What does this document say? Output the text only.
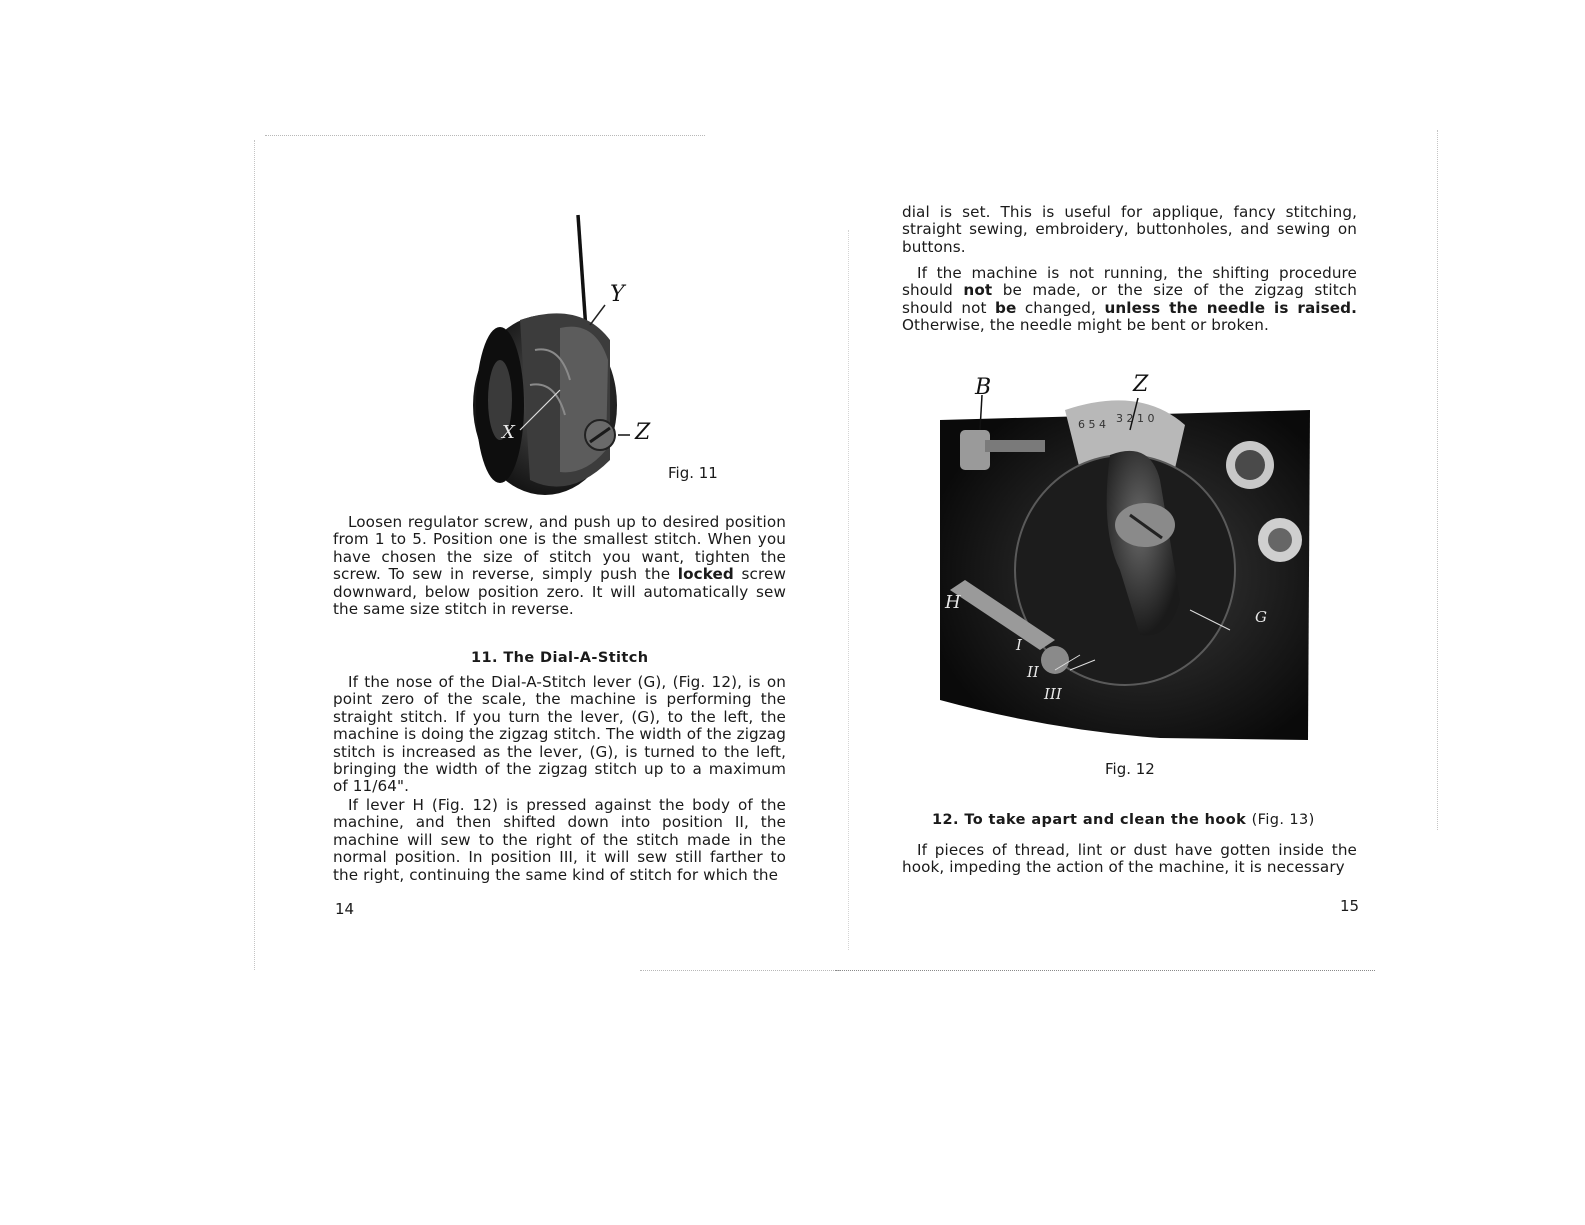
Y
X	Z
Fig. 11

Loosen regulator screw, and push up to desired position from 1 to 5. Position one is the smallest stitch. When you have chosen the size of stitch you want, tighten the screw. To sew in reverse, simply push the locked screw downward, below position zero. It will automatically sew the same size stitch in reverse.

11. The Dial-A-Stitch

If the nose of the Dial-A-Stitch lever (G), (Fig. 12), is on point zero of the scale, the machine is performing the straight stitch. If you turn the lever, (G), to the left, the machine is doing the zigzag stitch. The width of the zigzag stitch is increased as the lever, (G), is turned to the left, bringing the width of the zigzag stitch up to a maximum of 11/64".

If lever H (Fig. 12) is pressed against the body of the machine, and then shifted down into position II, the machine will sew to the right of the stitch made in the normal position. In position III, it will sew still farther to the right, continuing the same kind of stitch for which the

14

dial is set. This is useful for applique, fancy stitching, straight sewing, embroidery, buttonholes, and sewing on buttons.

If the machine is not running, the shifting procedure should not be made, or the size of the zigzag stitch should not be changed, unless the needle is raised. Otherwise, the needle might be bent or broken.

6 5 4 3 2 1 0
B	Z
H
G
I
II
III
Fig. 12

12. To take apart and clean the hook (Fig. 13)

If pieces of thread, lint or dust have gotten inside the hook, impeding the action of the machine, it is necessary

15
